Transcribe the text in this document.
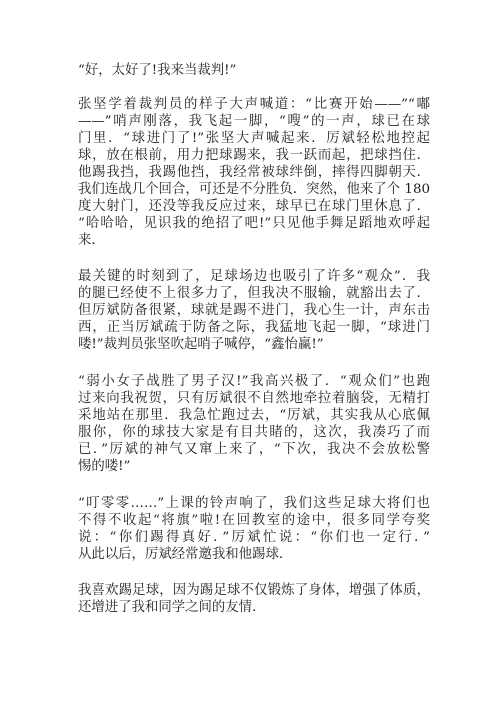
“好，太好了!我来当裁判!”

张坚学着裁判员的样子大声喊道：“比赛开始——”“嘟
——”哨声刚落，我飞起一脚，“嗖”的一声，球已在球
门里．“球进门了!”张坚大声喊起来．厉斌轻松地控起
球，放在根前，用力把球踢来，我一跃而起，把球挡住．
他踢我挡，我踢他挡，我经常被球绊倒，摔得四脚朝天．
我们连战几个回合，可还是不分胜负．突然，他来了个 180
度大射门，还没等我反应过来，球早已在球门里休息了．
“哈哈哈，见识我的绝招了吧!”只见他手舞足蹈地欢呼起
来．

最关键的时刻到了，足球场边也吸引了许多“观众”．我
的腿已经使不上很多力了，但我决不服输，就豁出去了．
但厉斌防备很紧，球就是踢不进门，我心生一计，声东击
西，正当厉斌疏于防备之际，我猛地飞起一脚，“球进门
喽!”裁判员张坚吹起哨子喊停，“鑫怡赢!”

“弱小女子战胜了男子汉!”我高兴极了．“观众们”也跑
过来向我祝贺，只有厉斌很不自然地牵拉着脑袋，无精打
采地站在那里．我急忙跑过去，“厉斌，其实我从心底佩
服你，你的球技大家是有目共睹的，这次，我凑巧了而
已．”厉斌的神气又窜上来了，“下次，我决不会放松警
惕的喽!”

“叮零零……”上课的铃声响了，我们这些足球大将们也
不得不收起“将旗”啦!在回教室的途中，很多同学夸奖
说：“你们踢得真好．”厉斌忙说：“你们也一定行．”
从此以后，厉斌经常邀我和他踢球．

我喜欢踢足球，因为踢足球不仅锻炼了身体，增强了体质，
还增进了我和同学之间的友情．
